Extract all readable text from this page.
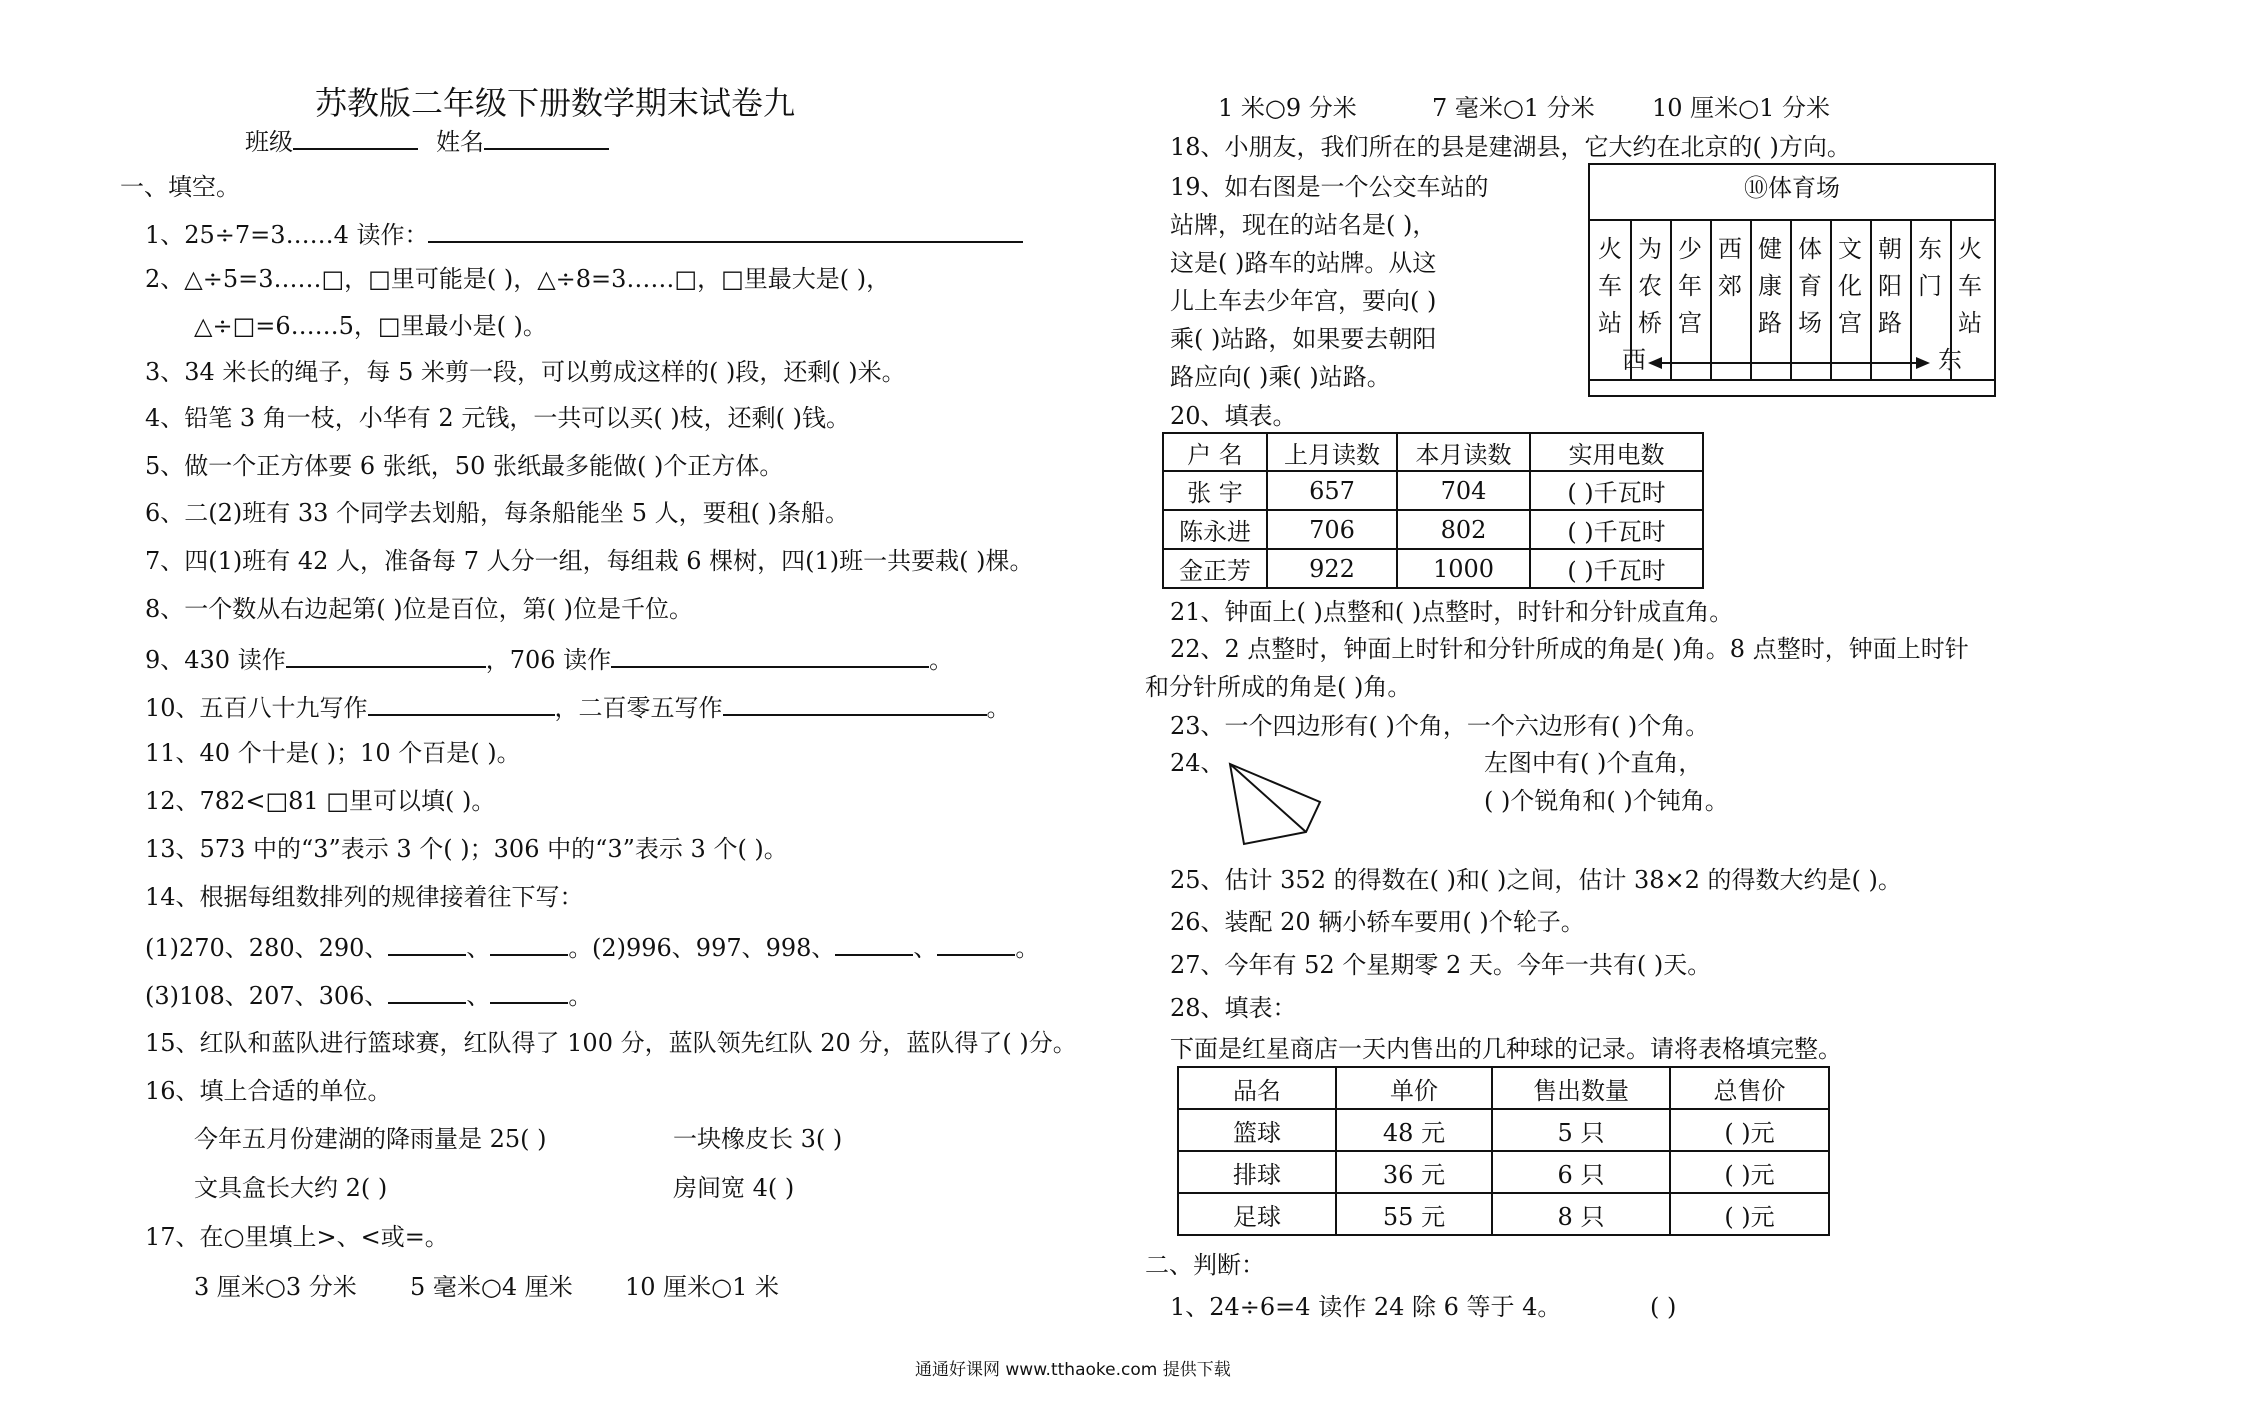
苏教版二年级下册数学期末试卷九
班级	姓名
一、填空。
1、25÷7=3……4 读作：
2、△÷5=3……□，□里可能是( )，△÷8=3……□，□里最大是( )，
△÷□=6……5，□里最小是( )。
3、34 米长的绳子，每 5 米剪一段，可以剪成这样的( )段，还剩( )米。
4、铅笔 3 角一枝，小华有 2 元钱，一共可以买( )枝，还剩( )钱。
5、做一个正方体要 6 张纸，50 张纸最多能做( )个正方体。
6、二(2)班有 33 个同学去划船，每条船能坐 5 人，要租( )条船。
7、四(1)班有 42 人，准备每 7 人分一组，每组栽 6 棵树，四(1)班一共要栽( )棵。
8、一个数从右边起第( )位是百位，第( )位是千位。
9、430 读作	，706 读作	。
10、五百八十九写作	，二百零五写作	。
11、40 个十是( )；10 个百是( )。
12、782<□81 □里可以填( )。
13、573 中的“3”表示 3 个( )；306 中的“3”表示 3 个( )。
14、根据每组数排列的规律接着往下写：
(1)270、280、290、	、	。 (2)996、997、998、	、	。
(3)108、207、306、	、	。
15、红队和蓝队进行篮球赛，红队得了 100 分，蓝队领先红队 20 分，蓝队得了( )分。
16、填上合适的单位。
今年五月份建湖的降雨量是 25( )	一块橡皮长 3( )
文具盒长大约 2( )	房间宽 4( )
17、在○里填上>、<或=。
3 厘米○3 分米 5 毫米○4 厘米 10 厘米○1 米
1 米○9 分米	7 毫米○1 分米 10 厘米○1 分米
18、小朋友，我们所在的县是建湖县，它大约在北京的( )方向。
19、如右图是一个公交车站的
站牌，现在的站名是( )，
这是( )路车的站牌。从这
儿上车去少年宫，要向( )
乘( )站路，如果要去朝阳
路应向( )乘( )站路。
⑩体育场
火车站
为农桥
少年宫
西郊
健康路
体育场
文化宫
朝阳路
东门
火车站
西	东
20、填表。
户 名	上月读数	本月读数	实用电数
张 宇	657	704	( )千瓦时
陈永进	706	802	( )千瓦时
金正芳	922	1000	( )千瓦时
21、钟面上( )点整和( )点整时，时针和分针成直角。
22、2 点整时，钟面上时针和分针所成的角是( )角。8 点整时，钟面上时针
和分针所成的角是( )角。
23、一个四边形有( )个角，一个六边形有( )个角。
24、	左图中有( )个直角，
( )个锐角和( )个钝角。
25、估计 352 的得数在( )和( )之间，估计 38×2 的得数大约是( )。
26、装配 20 辆小轿车要用( )个轮子。
27、今年有 52 个星期零 2 天。今年一共有( )天。
28、填表：
下面是红星商店一天内售出的几种球的记录。请将表格填完整。
品名	单价	售出数量	总售价
篮球	48 元	5 只	( )元
排球	36 元	6 只	( )元
足球	55 元	8 只	( )元
二、判断：
1、24÷6=4 读作 24 除 6 等于 4。	( )
通通好课网 www.tthaoke.com 提供下载
